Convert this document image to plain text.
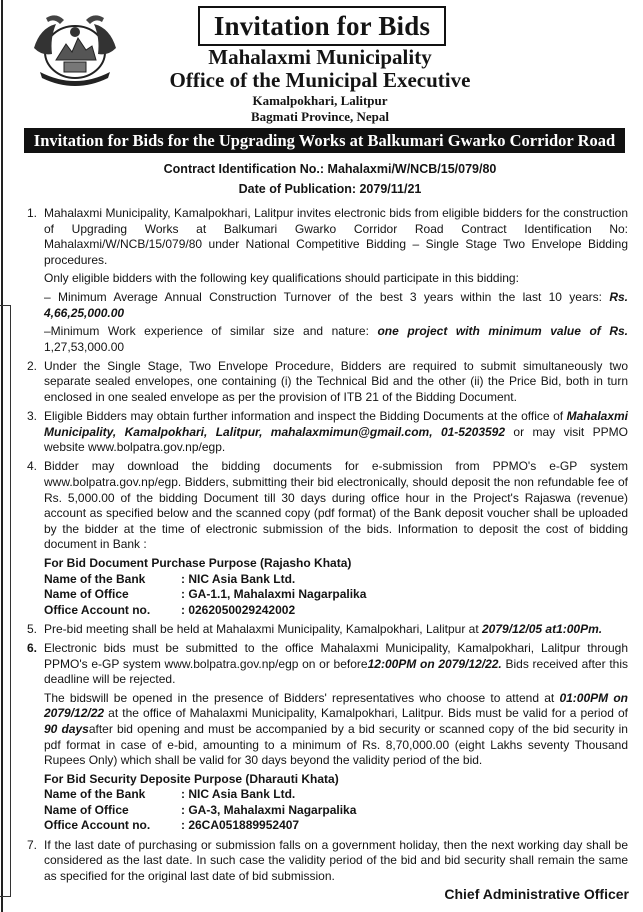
Invitation for Bids
Mahalaxmi Municipality
Office of the Municipal Executive
Kamalpokhari, Lalitpur
Bagmati Province, Nepal
Invitation for Bids for the Upgrading Works at Balkumari Gwarko Corridor Road
Contract Identification No.: Mahalaxmi/W/NCB/15/079/80
Date of Publication: 2079/11/21
1. Mahalaxmi Municipality, Kamalpokhari, Lalitpur invites electronic bids from eligible bidders for the construction of Upgrading Works at Balkumari Gwarko Corridor Road Contract Identification No: Mahalaxmi/W/NCB/15/079/80 under National Competitive Bidding – Single Stage Two Envelope Bidding procedures.

Only eligible bidders with the following key qualifications should participate in this bidding:

– Minimum Average Annual Construction Turnover of the best 3 years within the last 10 years: Rs. 4,66,25,000.00

–Minimum Work experience of similar size and nature: one project with minimum value of Rs. 1,27,53,000.00

2. Under the Single Stage, Two Envelope Procedure, Bidders are required to submit simultaneously two separate sealed envelopes, one containing (i) the Technical Bid and the other (ii) the Price Bid, both in turn enclosed in one sealed envelope as per the provision of ITB 21 of the Bidding Document.

3. Eligible Bidders may obtain further information and inspect the Bidding Documents at the office of Mahalaxmi Municipality, Kamalpokhari, Lalitpur, mahalaxmimun@gmail.com, 01-5203592 or may visit PPMO website www.bolpatra.gov.np/egp.

4. Bidder may download the bidding documents for e-submission from PPMO's e-GP system www.bolpatra.gov.np/egp. Bidders, submitting their bid electronically, should deposit the non refundable fee of Rs. 5,000.00 of the bidding Document till 30 days during office hour in the Project's Rajaswa (revenue) account as specified below and the scanned copy (pdf format) of the Bank deposit voucher shall be uploaded by the bidder at the time of electronic submission of the bids. Information to deposit the cost of bidding document in Bank :

For Bid Document Purchase Purpose (Rajasho Khata)
Name of the Bank	: NIC Asia Bank Ltd.
Name of Office	: GA-1.1, Mahalaxmi Nagarpalika
Office Account no.	: 0262050029242002
5. Pre-bid meeting shall be held at Mahalaxmi Municipality, Kamalpokhari, Lalitpur at 2079/12/05 at1:00Pm.

6. Electronic bids must be submitted to the office Mahalaxmi Municipality, Kamalpokhari, Lalitpur through PPMO's e-GP system www.bolpatra.gov.np/egp on or before12:00PM on 2079/12/22. Bids received after this deadline will be rejected.

The bidswill be opened in the presence of Bidders' representatives who choose to attend at 01:00PM on 2079/12/22 at the office of Mahalaxmi Municipality, Kamalpokhari, Lalitpur. Bids must be valid for a period of 90 daysafter bid opening and must be accompanied by a bid security or scanned copy of the bid security in pdf format in case of e-bid, amounting to a minimum of Rs. 8,70,000.00 (eight Lakhs seventy Thousand Rupees Only) which shall be valid for 30 days beyond the validity period of the bid.

For Bid Security Deposite Purpose (Dharauti Khata)
Name of the Bank	: NIC Asia Bank Ltd.
Name of Office	: GA-3, Mahalaxmi Nagarpalika
Office Account no.	: 26CA051889952407
7. If the last date of purchasing or submission falls on a government holiday, then the next working day shall be considered as the last date. In such case the validity period of the bid and bid security shall remain the same as specified for the original last date of bid submission.

Chief Administrative Officer
